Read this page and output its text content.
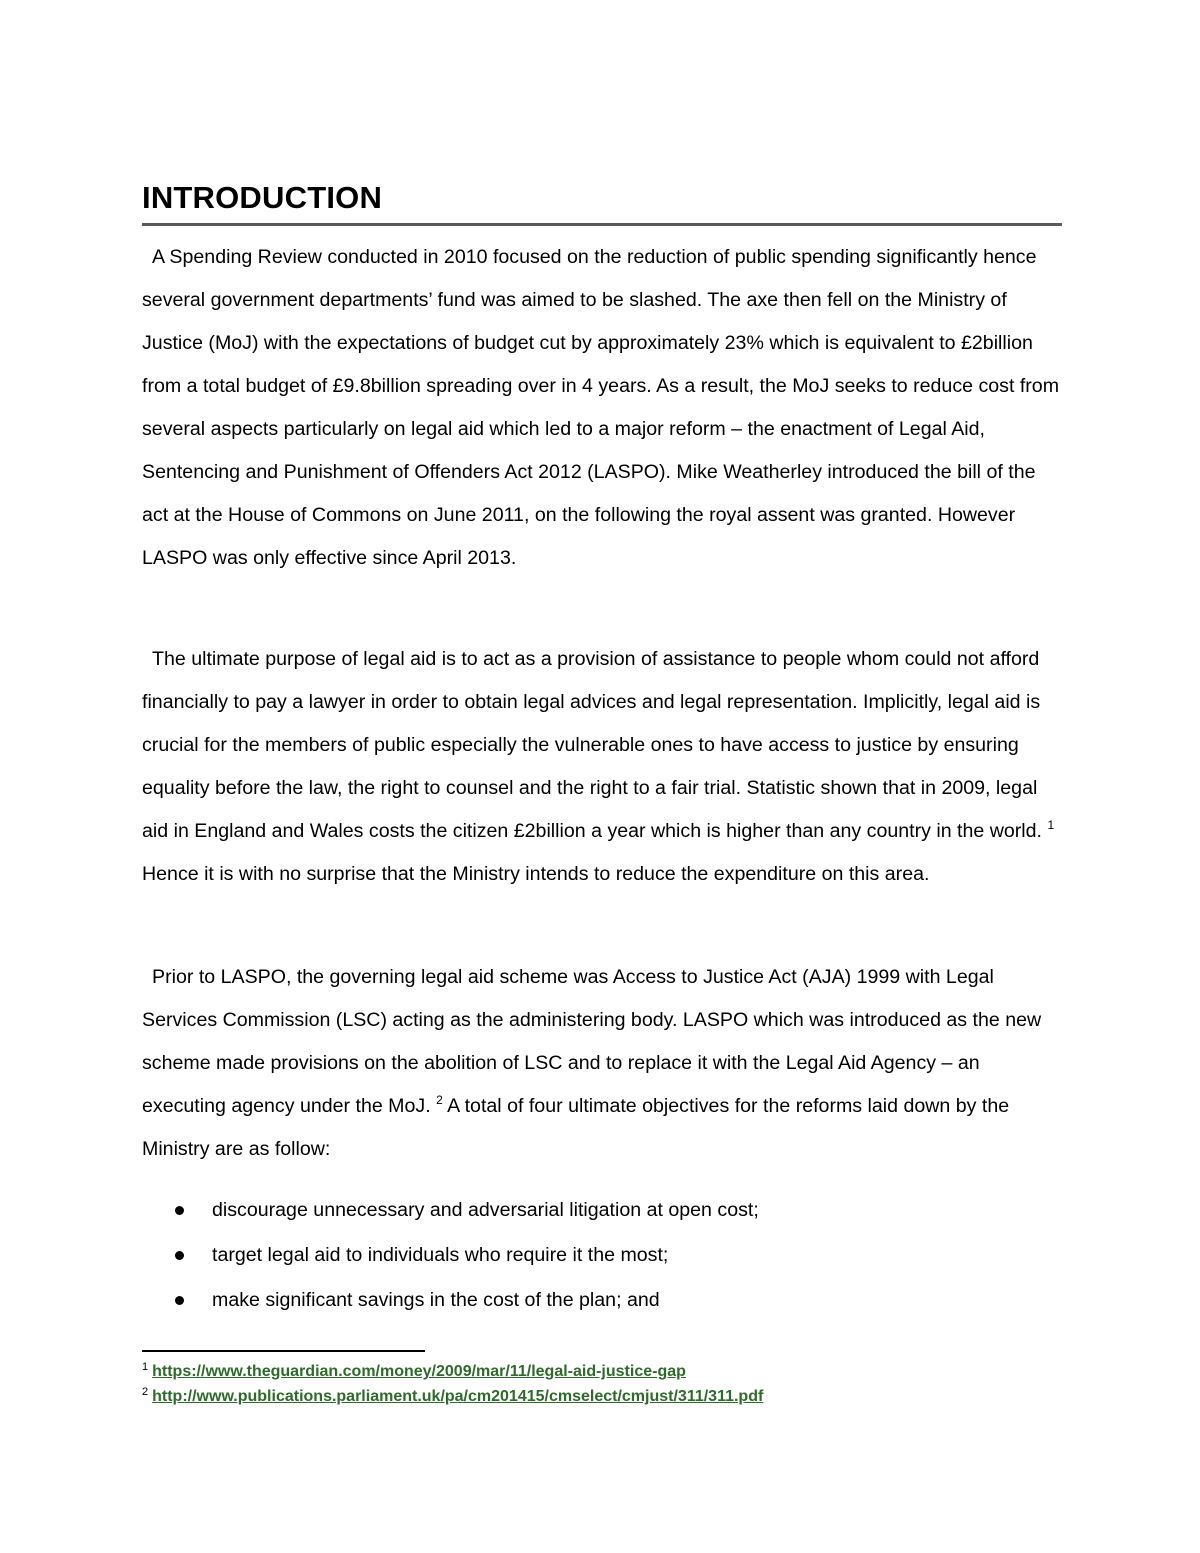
INTRODUCTION

A Spending Review conducted in 2010 focused on the reduction of public spending significantly hence several government departments’ fund was aimed to be slashed. The axe then fell on the Ministry of Justice (MoJ) with the expectations of budget cut by approximately 23% which is equivalent to £2billion from a total budget of £9.8billion spreading over in 4 years. As a result, the MoJ seeks to reduce cost from several aspects particularly on legal aid which led to a major reform – the enactment of Legal Aid, Sentencing and Punishment of Offenders Act 2012 (LASPO). Mike Weatherley introduced the bill of the act at the House of Commons on June 2011, on the following the royal assent was granted. However LASPO was only effective since April 2013.

The ultimate purpose of legal aid is to act as a provision of assistance to people whom could not afford financially to pay a lawyer in order to obtain legal advices and legal representation. Implicitly, legal aid is crucial for the members of public especially the vulnerable ones to have access to justice by ensuring equality before the law, the right to counsel and the right to a fair trial. Statistic shown that in 2009, legal aid in England and Wales costs the citizen £2billion a year which is higher than any country in the world. $^1$ Hence it is with no surprise that the Ministry intends to reduce the expenditure on this area.

Prior to LASPO, the governing legal aid scheme was Access to Justice Act (AJA) 1999 with Legal Services Commission (LSC) acting as the administering body. LASPO which was introduced as the new scheme made provisions on the abolition of LSC and to replace it with the Legal Aid Agency – an executing agency under the MoJ. $^2$ A total of four ultimate objectives for the reforms laid down by the Ministry are as follow:

discourage unnecessary and adversarial litigation at open cost;
target legal aid to individuals who require it the most;
make significant savings in the cost of the plan; and
$^1$ https://www.theguardian.com/money/2009/mar/11/legal-aid-justice-gap
$^2$ http://www.publications.parliament.uk/pa/cm201415/cmselect/cmjust/311/311.pdf
